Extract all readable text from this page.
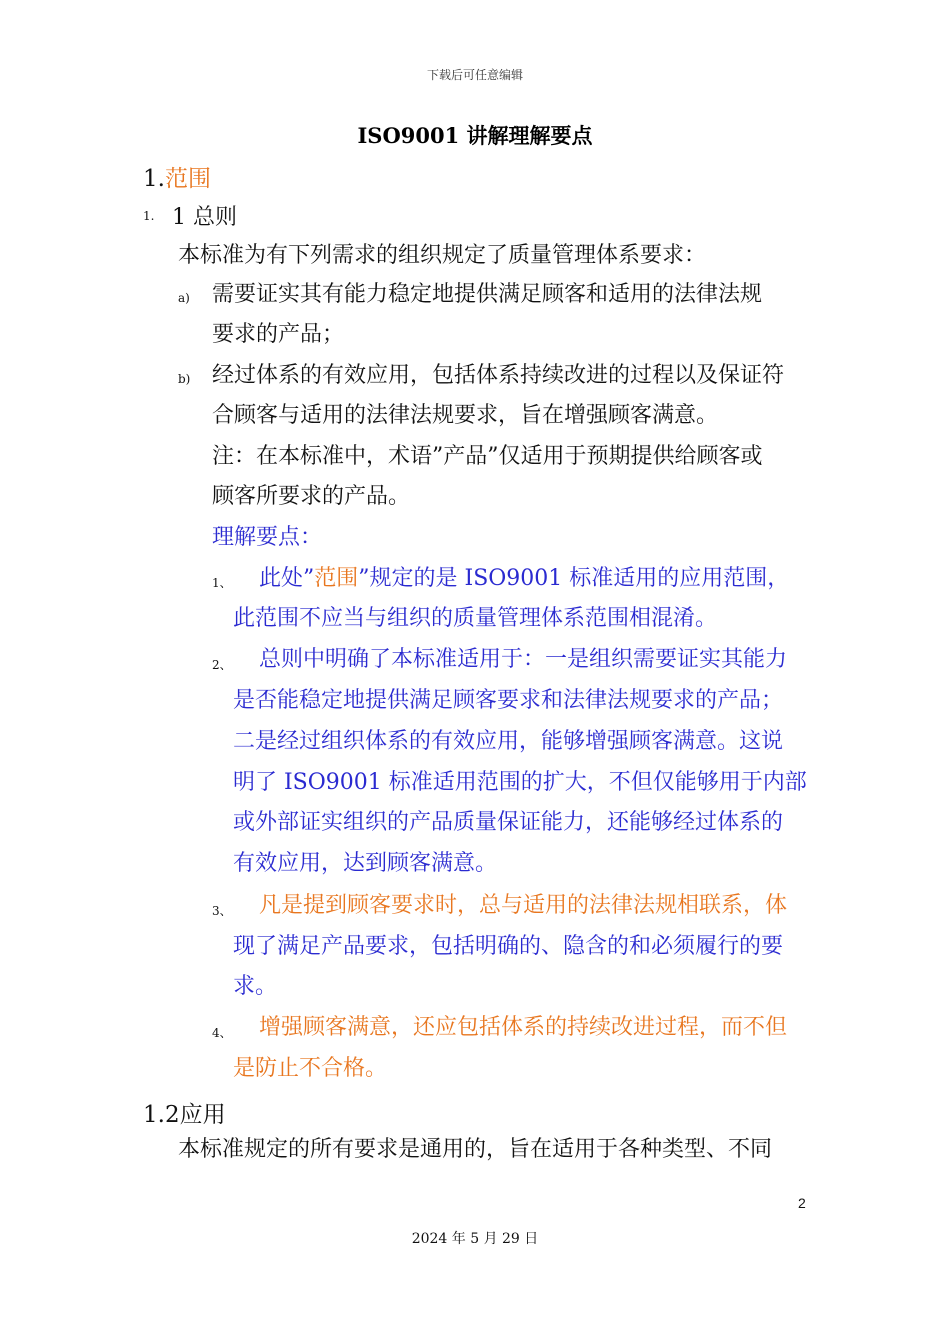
下载后可任意编辑
ISO9001 讲解理解要点
1.范围
1. 1 总则
本标准为有下列需求的组织规定了质量管理体系要求：
a) 需要证实其有能力稳定地提供满足顾客和适用的法律法规
要求的产品；
b) 经过体系的有效应用，包括体系持续改进的过程以及保证符
合顾客与适用的法律法规要求，旨在增强顾客满意。
注：在本标准中，术语”产品”仅适用于预期提供给顾客或
顾客所要求的产品。
理解要点：
1、 此处”范围”规定的是 ISO9001 标准适用的应用范围，
此范围不应当与组织的质量管理体系范围相混淆。
2、 总则中明确了本标准适用于：一是组织需要证实其能力
是否能稳定地提供满足顾客要求和法律法规要求的产品；
二是经过组织体系的有效应用，能够增强顾客满意。这说
明了 ISO9001 标准适用范围的扩大，不但仅能够用于内部
或外部证实组织的产品质量保证能力，还能够经过体系的
有效应用，达到顾客满意。
3、 凡是提到顾客要求时，总与适用的法律法规相联系，体
现了满足产品要求，包括明确的、隐含的和必须履行的要
求。
4、 增强顾客满意，还应包括体系的持续改进过程，而不但
是防止不合格。
1.2应用
本标准规定的所有要求是通用的，旨在适用于各种类型、不同
2
2024 年 5 月 29 日
